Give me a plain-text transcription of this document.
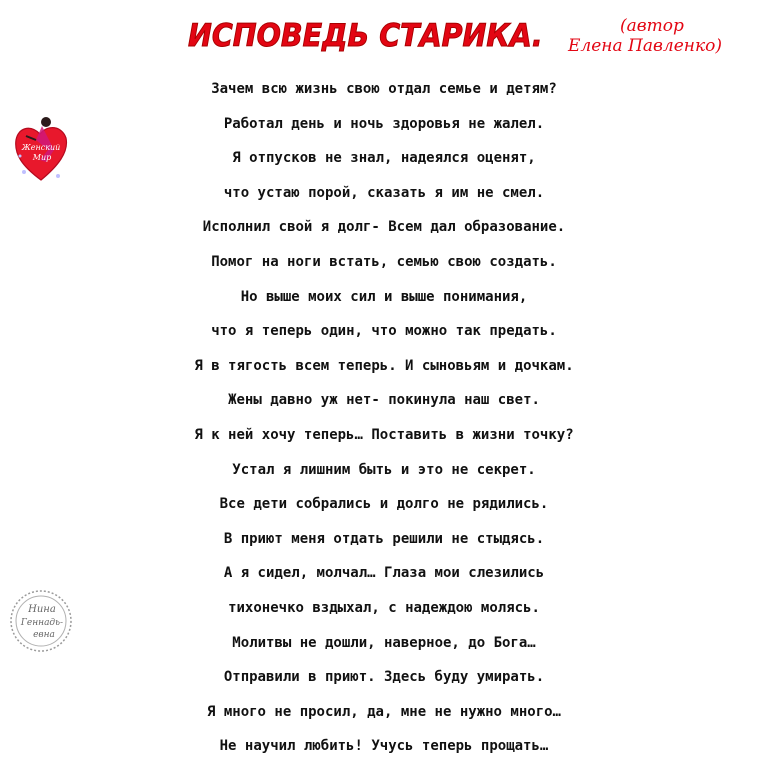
ИСПОВЕДЬ СТАРИКА.	(автор
Елена Павленко)
Женский
Мир
Нина
Геннадь-
евна
Зачем всю жизнь свою отдал семье и детям?
Работал день и ночь здоровья не жалел.
Я отпусков не знал, надеялся оценят,
что устаю порой, сказать я им не смел.
Исполнил свой я долг- Всем дал образование.
Помог на ноги встать, семью свою создать.
Но выше моих сил и выше понимания,
что я теперь один, что можно так предать.
Я в тягость всем теперь. И сыновьям и дочкам.
Жены давно уж нет- покинула наш свет.
Я к ней хочу теперь… Поставить в жизни точку?
Устал я лишним быть и это не секрет.
Все дети собрались и долго не рядились.
В приют меня отдать решили не стыдясь.
А я сидел, молчал… Глаза мои слезились
тихонечко вздыхал, с надеждою молясь.
Молитвы не дошли, наверное, до Бога…
Отправили в приют. Здесь буду умирать.
Я много не просил, да, мне не нужно много…
Не научил любить! Учусь теперь прощать…
